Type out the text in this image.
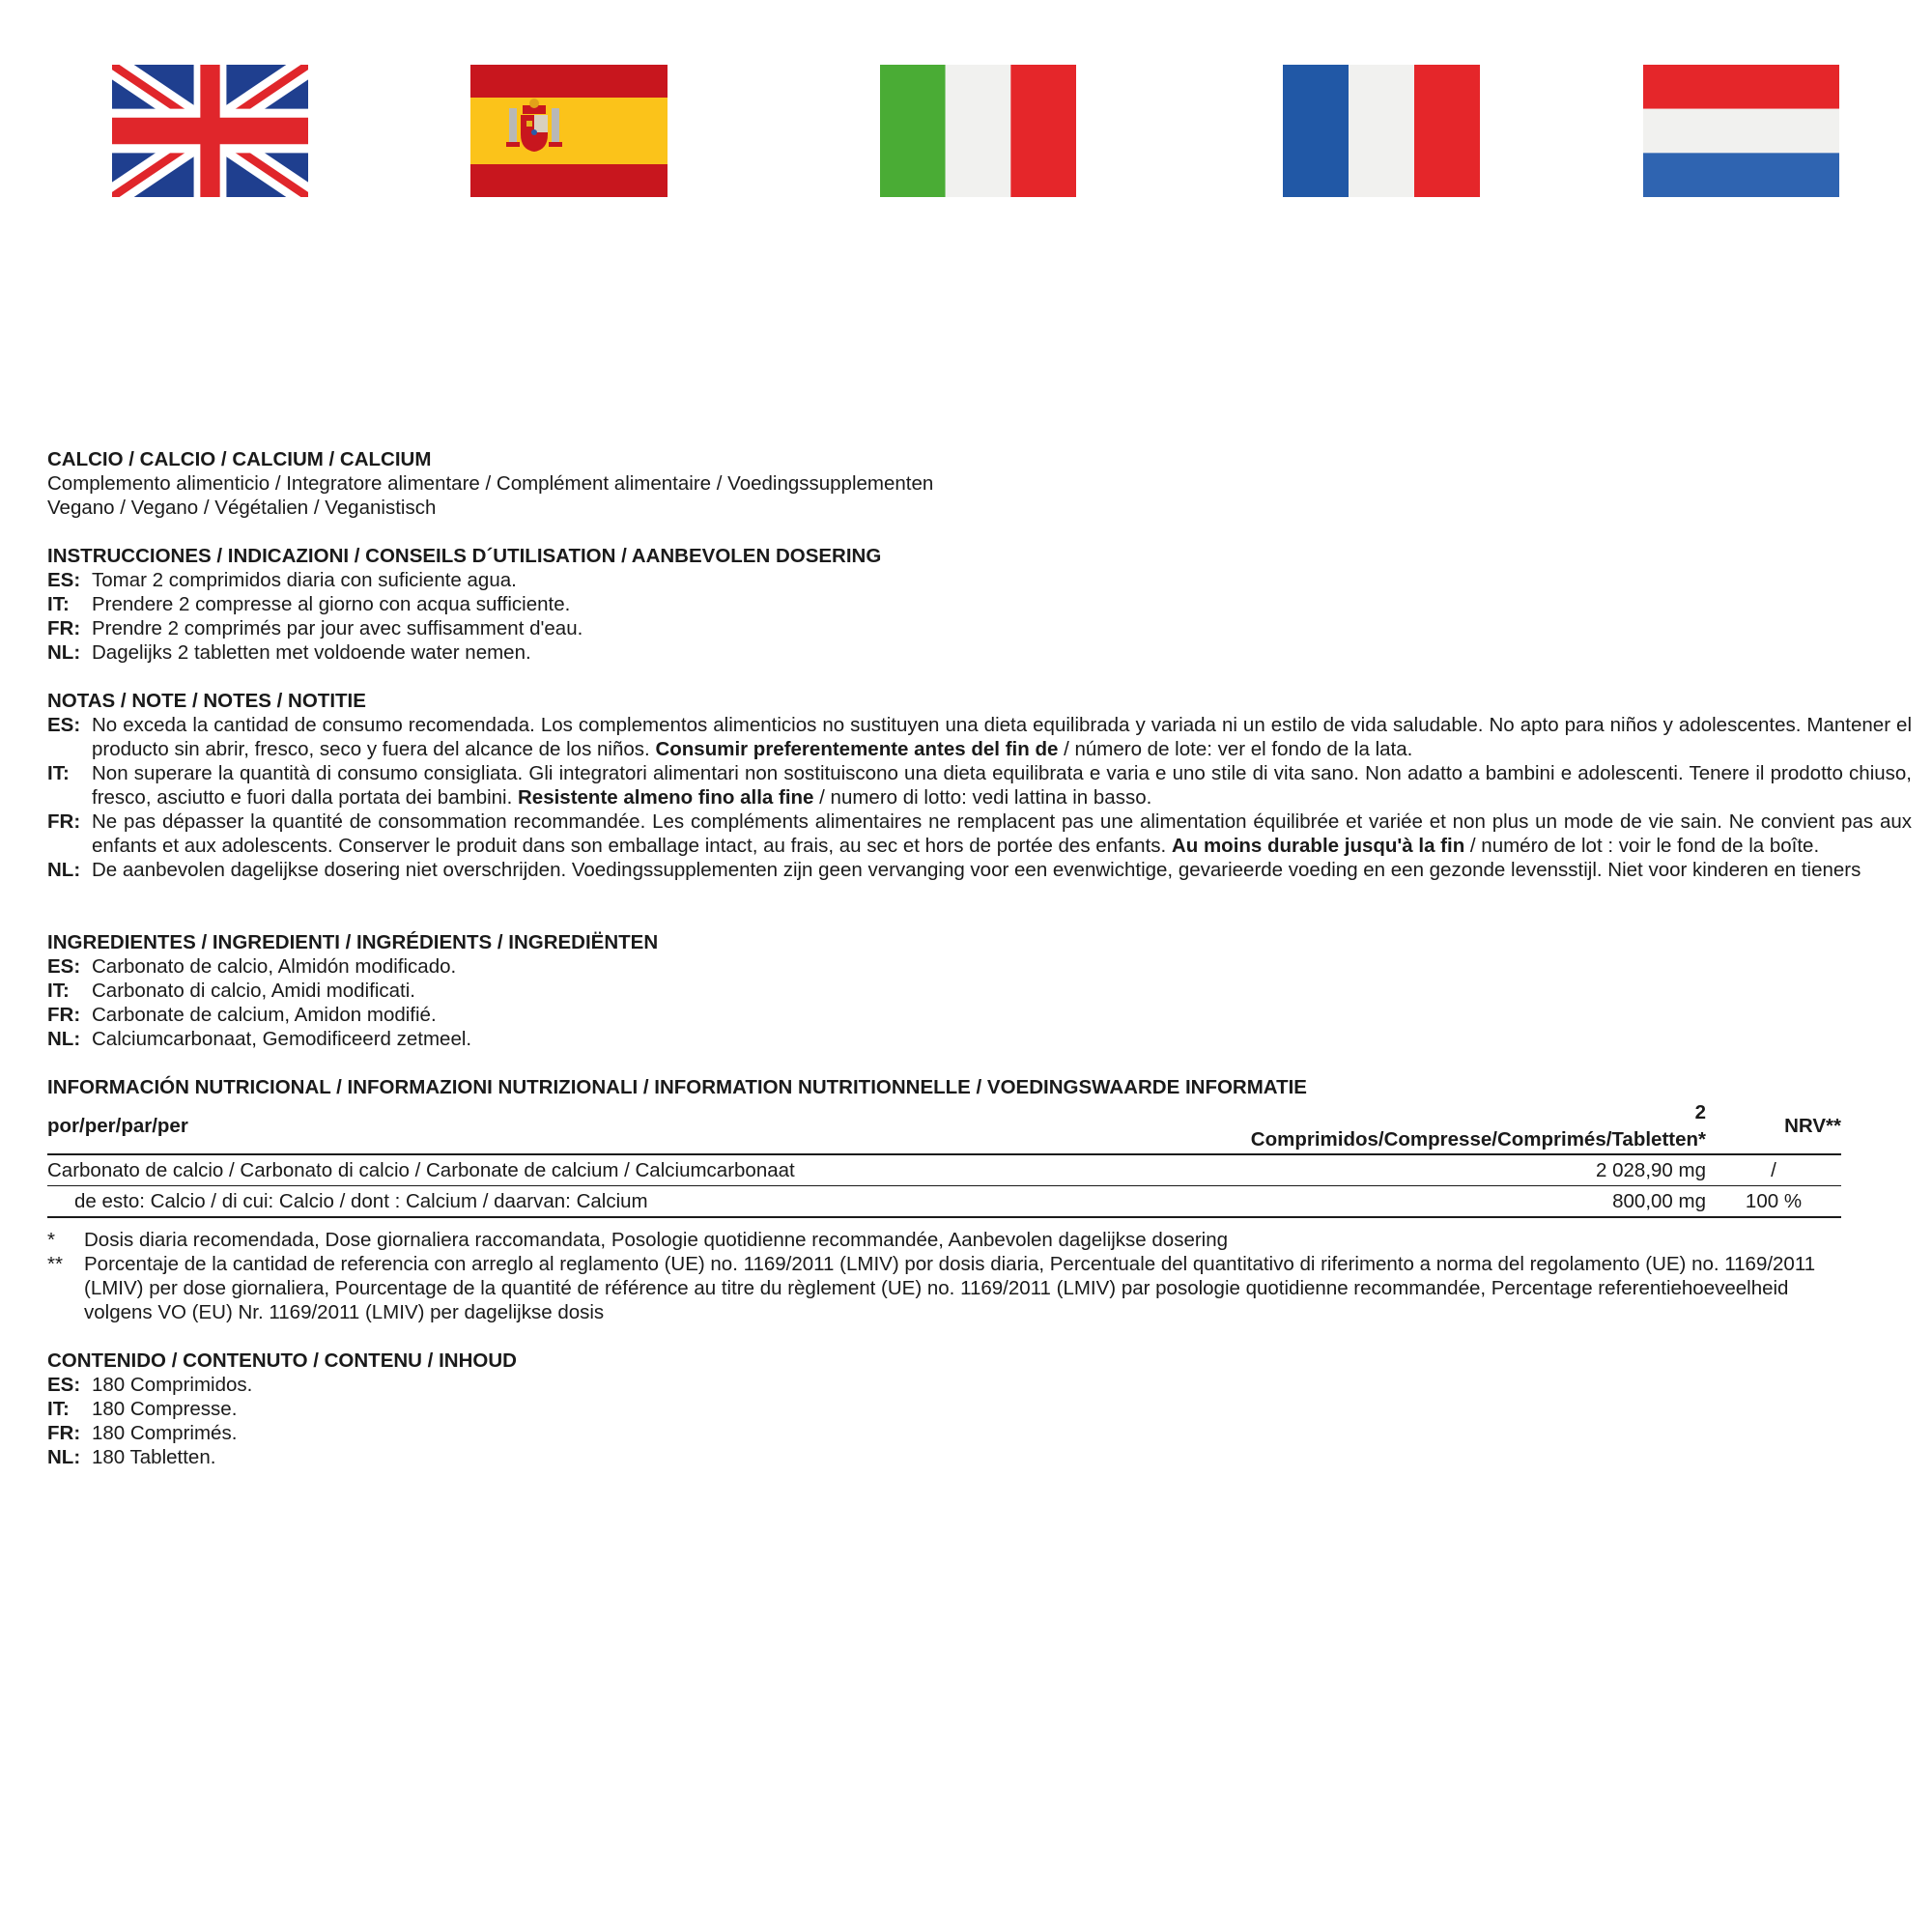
CALCIO / CALCIO / CALCIUM / CALCIUM
Complemento alimenticio / Integratore alimentare / Complément alimentaire / Voedingssupplementen
Vegano / Vegano / Végétalien / Veganistisch
INSTRUCCIONES / INDICAZIONI / CONSEILS D´UTILISATION / AANBEVOLEN DOSERING
ES: Tomar 2 comprimidos diaria con suficiente agua.
IT:	Prendere 2 compresse al giorno con acqua sufficiente.
FR: Prendre 2 comprimés par jour avec suffisamment d'eau.
NL: Dagelijks 2 tabletten met voldoende water nemen.
NOTAS / NOTE / NOTES / NOTITIE
ES: No exceda la cantidad de consumo recomendada. Los complementos alimenticios no sustituyen una dieta equilibrada y variada ni un estilo de vida saludable. No apto para niños y adolescentes. Mantener el producto sin abrir, fresco, seco y fuera del alcance de los niños. Consumir preferentemente antes del fin de / número de lote: ver el fondo de la lata.
IT:	Non superare la quantità di consumo consigliata. Gli integratori alimentari non sostituiscono una dieta equilibrata e varia e uno stile di vita sano. Non adatto a bambini e adolescenti. Tenere il prodotto chiuso, fresco, asciutto e fuori dalla portata dei bambini. Resistente almeno fino alla fine / numero di lotto: vedi lattina in basso.
FR: Ne pas dépasser la quantité de consommation recommandée. Les compléments alimentaires ne remplacent pas une alimentation équilibrée et variée et non plus un mode de vie sain. Ne convient pas aux enfants et aux adolescents. Conserver le produit dans son emballage intact, au frais, au sec et hors de portée des enfants. Au moins durable jusqu'à la fin / numéro de lot : voir le fond de la boîte.
NL: De aanbevolen dagelijkse dosering niet overschrijden. Voedingssupplementen zijn geen vervanging voor een evenwichtige, gevarieerde voeding en een gezonde levensstijl. Niet voor kinderen en tieners
INGREDIENTES / INGREDIENTI / INGRÉDIENTS / INGREDIËNTEN
ES: Carbonato de calcio, Almidón modificado.
IT:	Carbonato di calcio, Amidi modificati.
FR: Carbonate de calcium, Amidon modifié.
NL: Calciumcarbonaat, Gemodificeerd zetmeel.
INFORMACIÓN NUTRICIONAL / INFORMAZIONI NUTRIZIONALI / INFORMATION NUTRITIONNELLE / VOEDINGSWAARDE INFORMATIE
por/per/par/per	2 Comprimidos/Compresse/Comprimés/Tabletten*	NRV**
Carbonato de calcio / Carbonato di calcio / Carbonate de calcium / Calciumcarbonaat	2 028,90 mg	/
de esto: Calcio / di cui: Calcio / dont : Calcium / daarvan: Calcium	800,00 mg	100 %
*	Dosis diaria recomendada, Dose giornaliera raccomandata, Posologie quotidienne recommandée, Aanbevolen dagelijkse dosering
**	Porcentaje de la cantidad de referencia con arreglo al reglamento (UE) no. 1169/2011 (LMIV) por dosis diaria, Percentuale del quantitativo di riferimento a norma del regolamento (UE) no. 1169/2011 (LMIV) per dose giornaliera, Pourcentage de la quantité de référence au titre du règlement (UE) no. 1169/2011 (LMIV) par posologie quotidienne recommandée, Percentage referentiehoeveelheid volgens VO (EU) Nr. 1169/2011 (LMIV) per dagelijkse dosis
CONTENIDO / CONTENUTO / CONTENU / INHOUD
ES: 180 Comprimidos.
IT:	180 Compresse.
FR: 180 Comprimés.
NL: 180 Tabletten.
